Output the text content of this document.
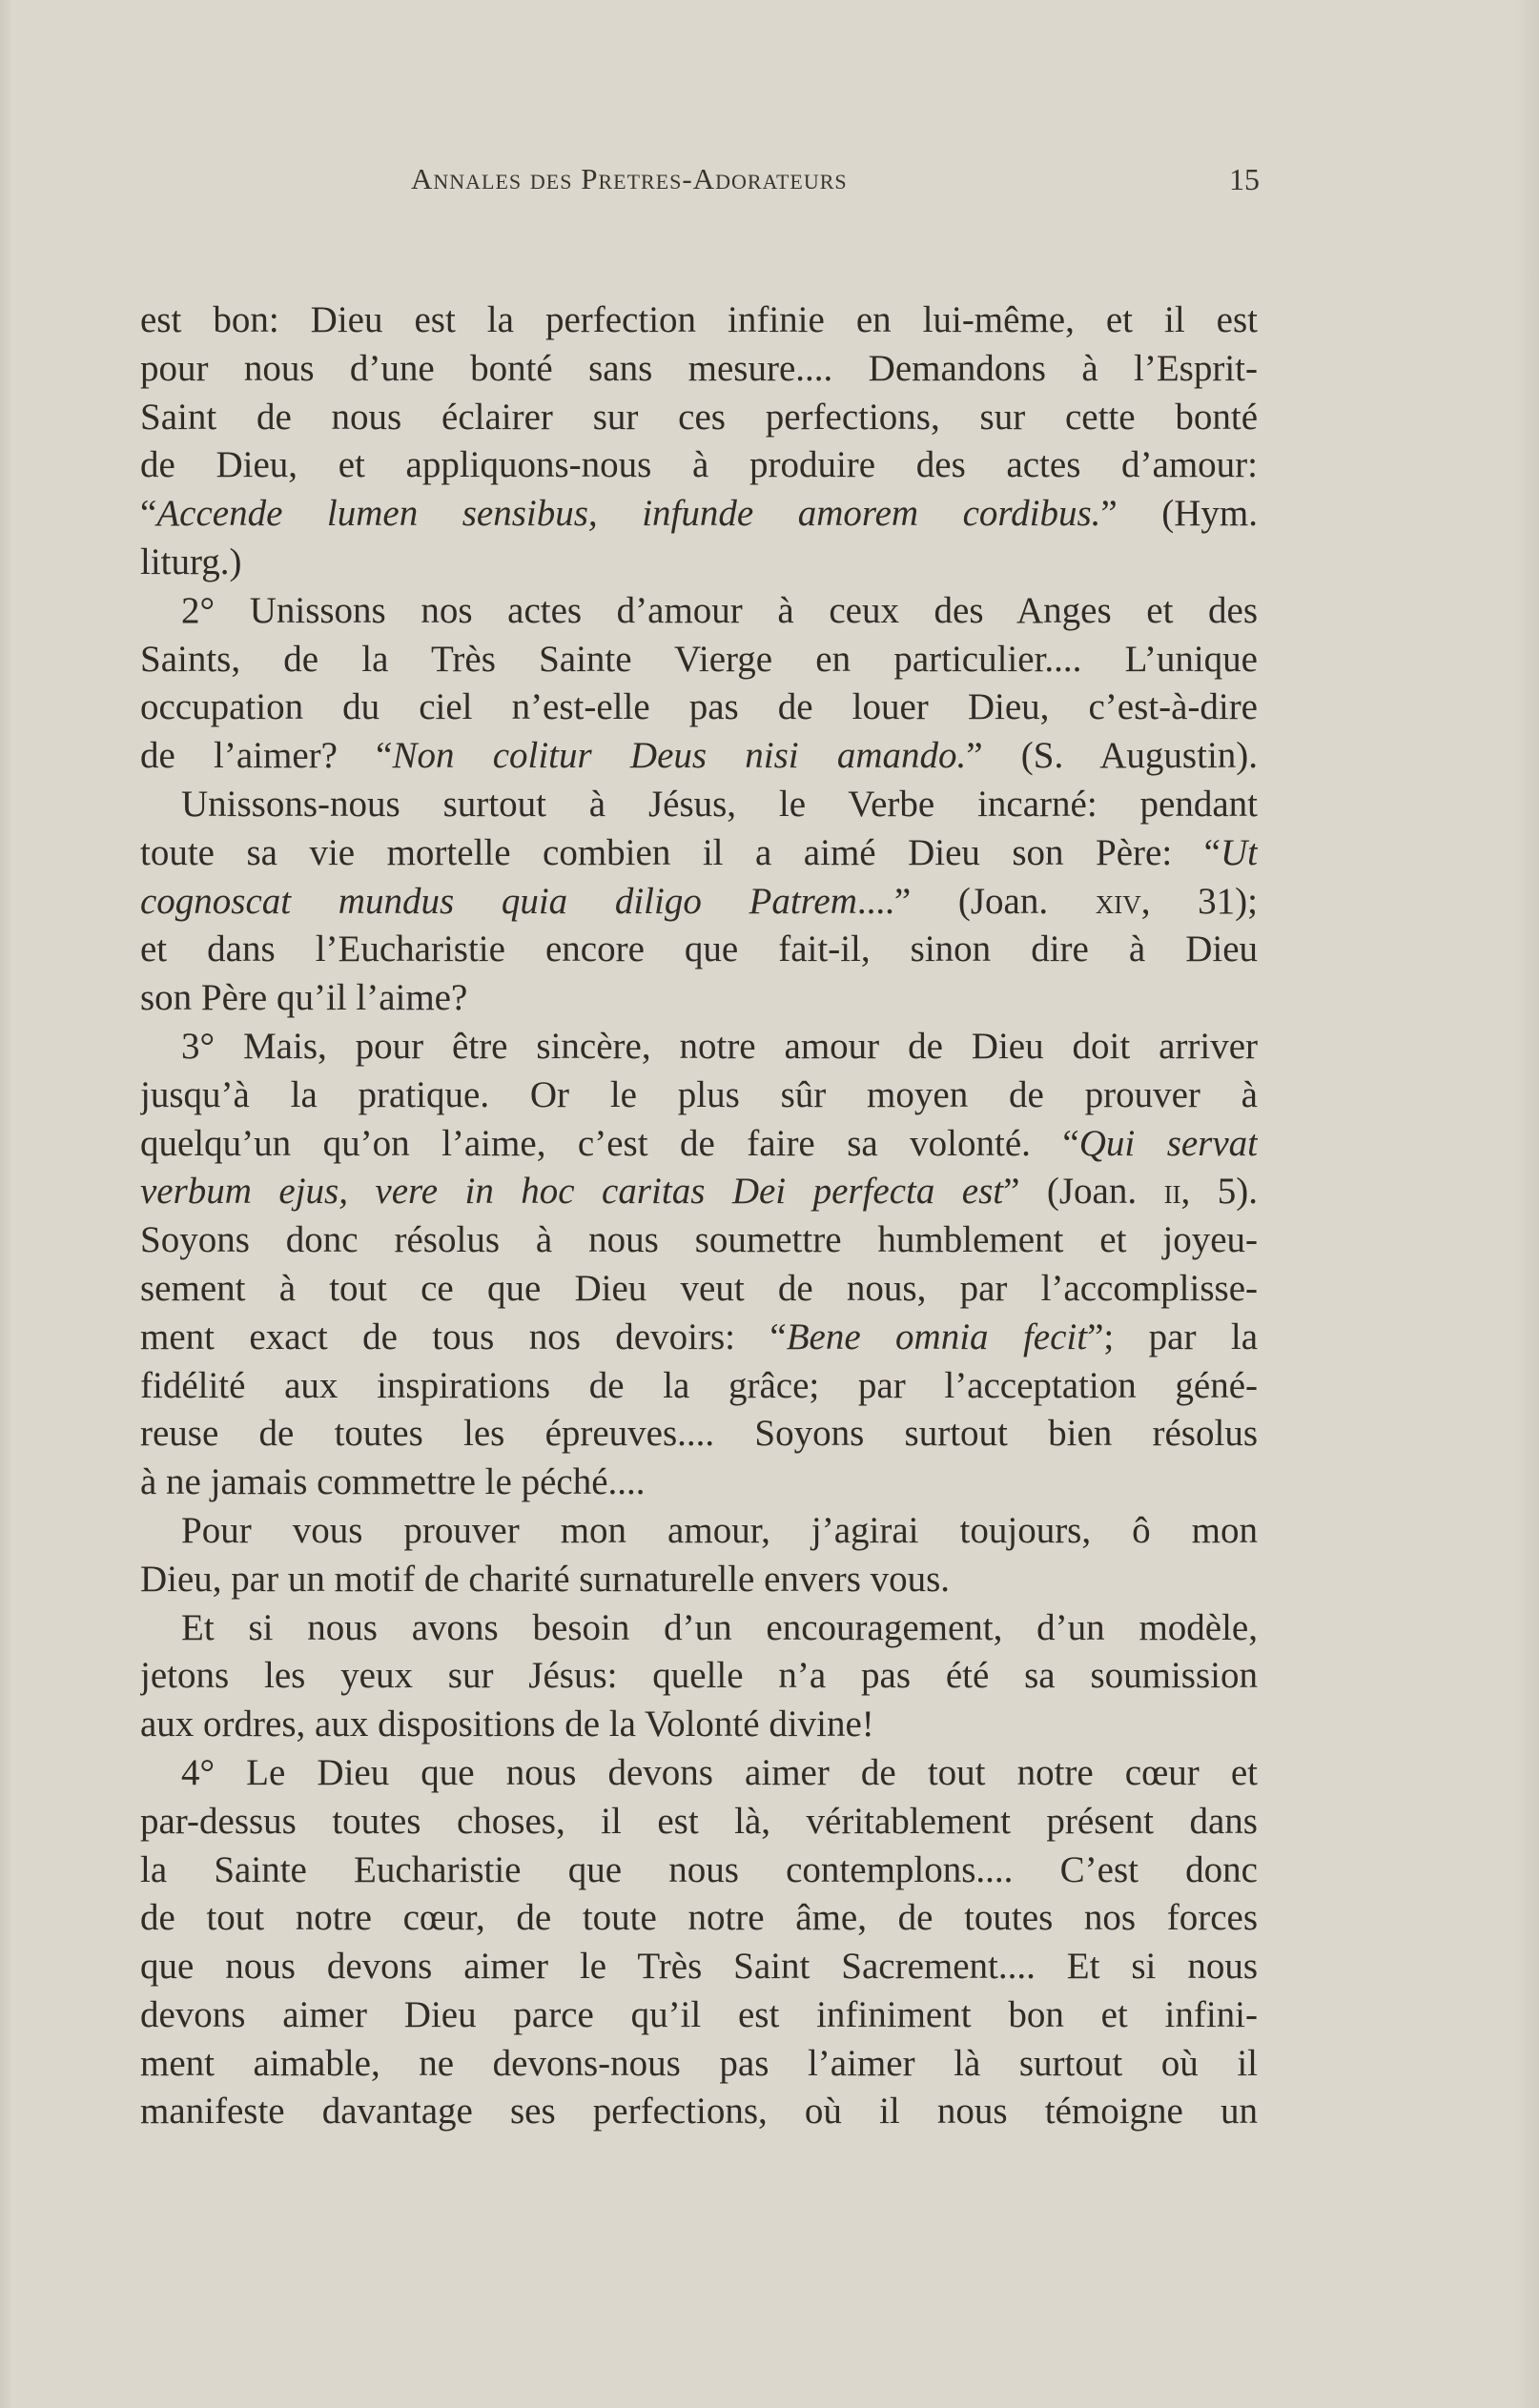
Annales des Pretres-Adorateurs	15
est bon: Dieu est la perfection infinie en lui-même, et il est
pour nous d’une bonté sans mesure.... Demandons à l’Esprit-
Saint de nous éclairer sur ces perfections, sur cette bonté
de Dieu, et appliquons-nous à produire des actes d’amour:
“Accende lumen sensibus, infunde amorem cordibus.” (Hym.
liturg.)
2° Unissons nos actes d’amour à ceux des Anges et des
Saints, de la Très Sainte Vierge en particulier.... L’unique
occupation du ciel n’est-elle pas de louer Dieu, c’est-à-dire
de l’aimer? “Non colitur Deus nisi amando.” (S. Augustin).
Unissons-nous surtout à Jésus, le Verbe incarné: pendant
toute sa vie mortelle combien il a aimé Dieu son Père: “Ut
cognoscat mundus quia diligo Patrem....” (Joan. xiv, 31);
et dans l’Eucharistie encore que fait-il, sinon dire à Dieu
son Père qu’il l’aime?
3° Mais, pour être sincère, notre amour de Dieu doit arriver
jusqu’à la pratique. Or le plus sûr moyen de prouver à
quelqu’un qu’on l’aime, c’est de faire sa volonté. “Qui servat
verbum ejus, vere in hoc caritas Dei perfecta est” (Joan. ii, 5).
Soyons donc résolus à nous soumettre humblement et joyeu-
sement à tout ce que Dieu veut de nous, par l’accomplisse-
ment exact de tous nos devoirs: “Bene omnia fecit”; par la
fidélité aux inspirations de la grâce; par l’acceptation géné-
reuse de toutes les épreuves.... Soyons surtout bien résolus
à ne jamais commettre le péché....
Pour vous prouver mon amour, j’agirai toujours, ô mon
Dieu, par un motif de charité surnaturelle envers vous.
Et si nous avons besoin d’un encouragement, d’un modèle,
jetons les yeux sur Jésus: quelle n’a pas été sa soumission
aux ordres, aux dispositions de la Volonté divine!
4° Le Dieu que nous devons aimer de tout notre cœur et
par-dessus toutes choses, il est là, véritablement présent dans
la Sainte Eucharistie que nous contemplons.... C’est donc
de tout notre cœur, de toute notre âme, de toutes nos forces
que nous devons aimer le Très Saint Sacrement.... Et si nous
devons aimer Dieu parce qu’il est infiniment bon et infini-
ment aimable, ne devons-nous pas l’aimer là surtout où il
manifeste davantage ses perfections, où il nous témoigne un
